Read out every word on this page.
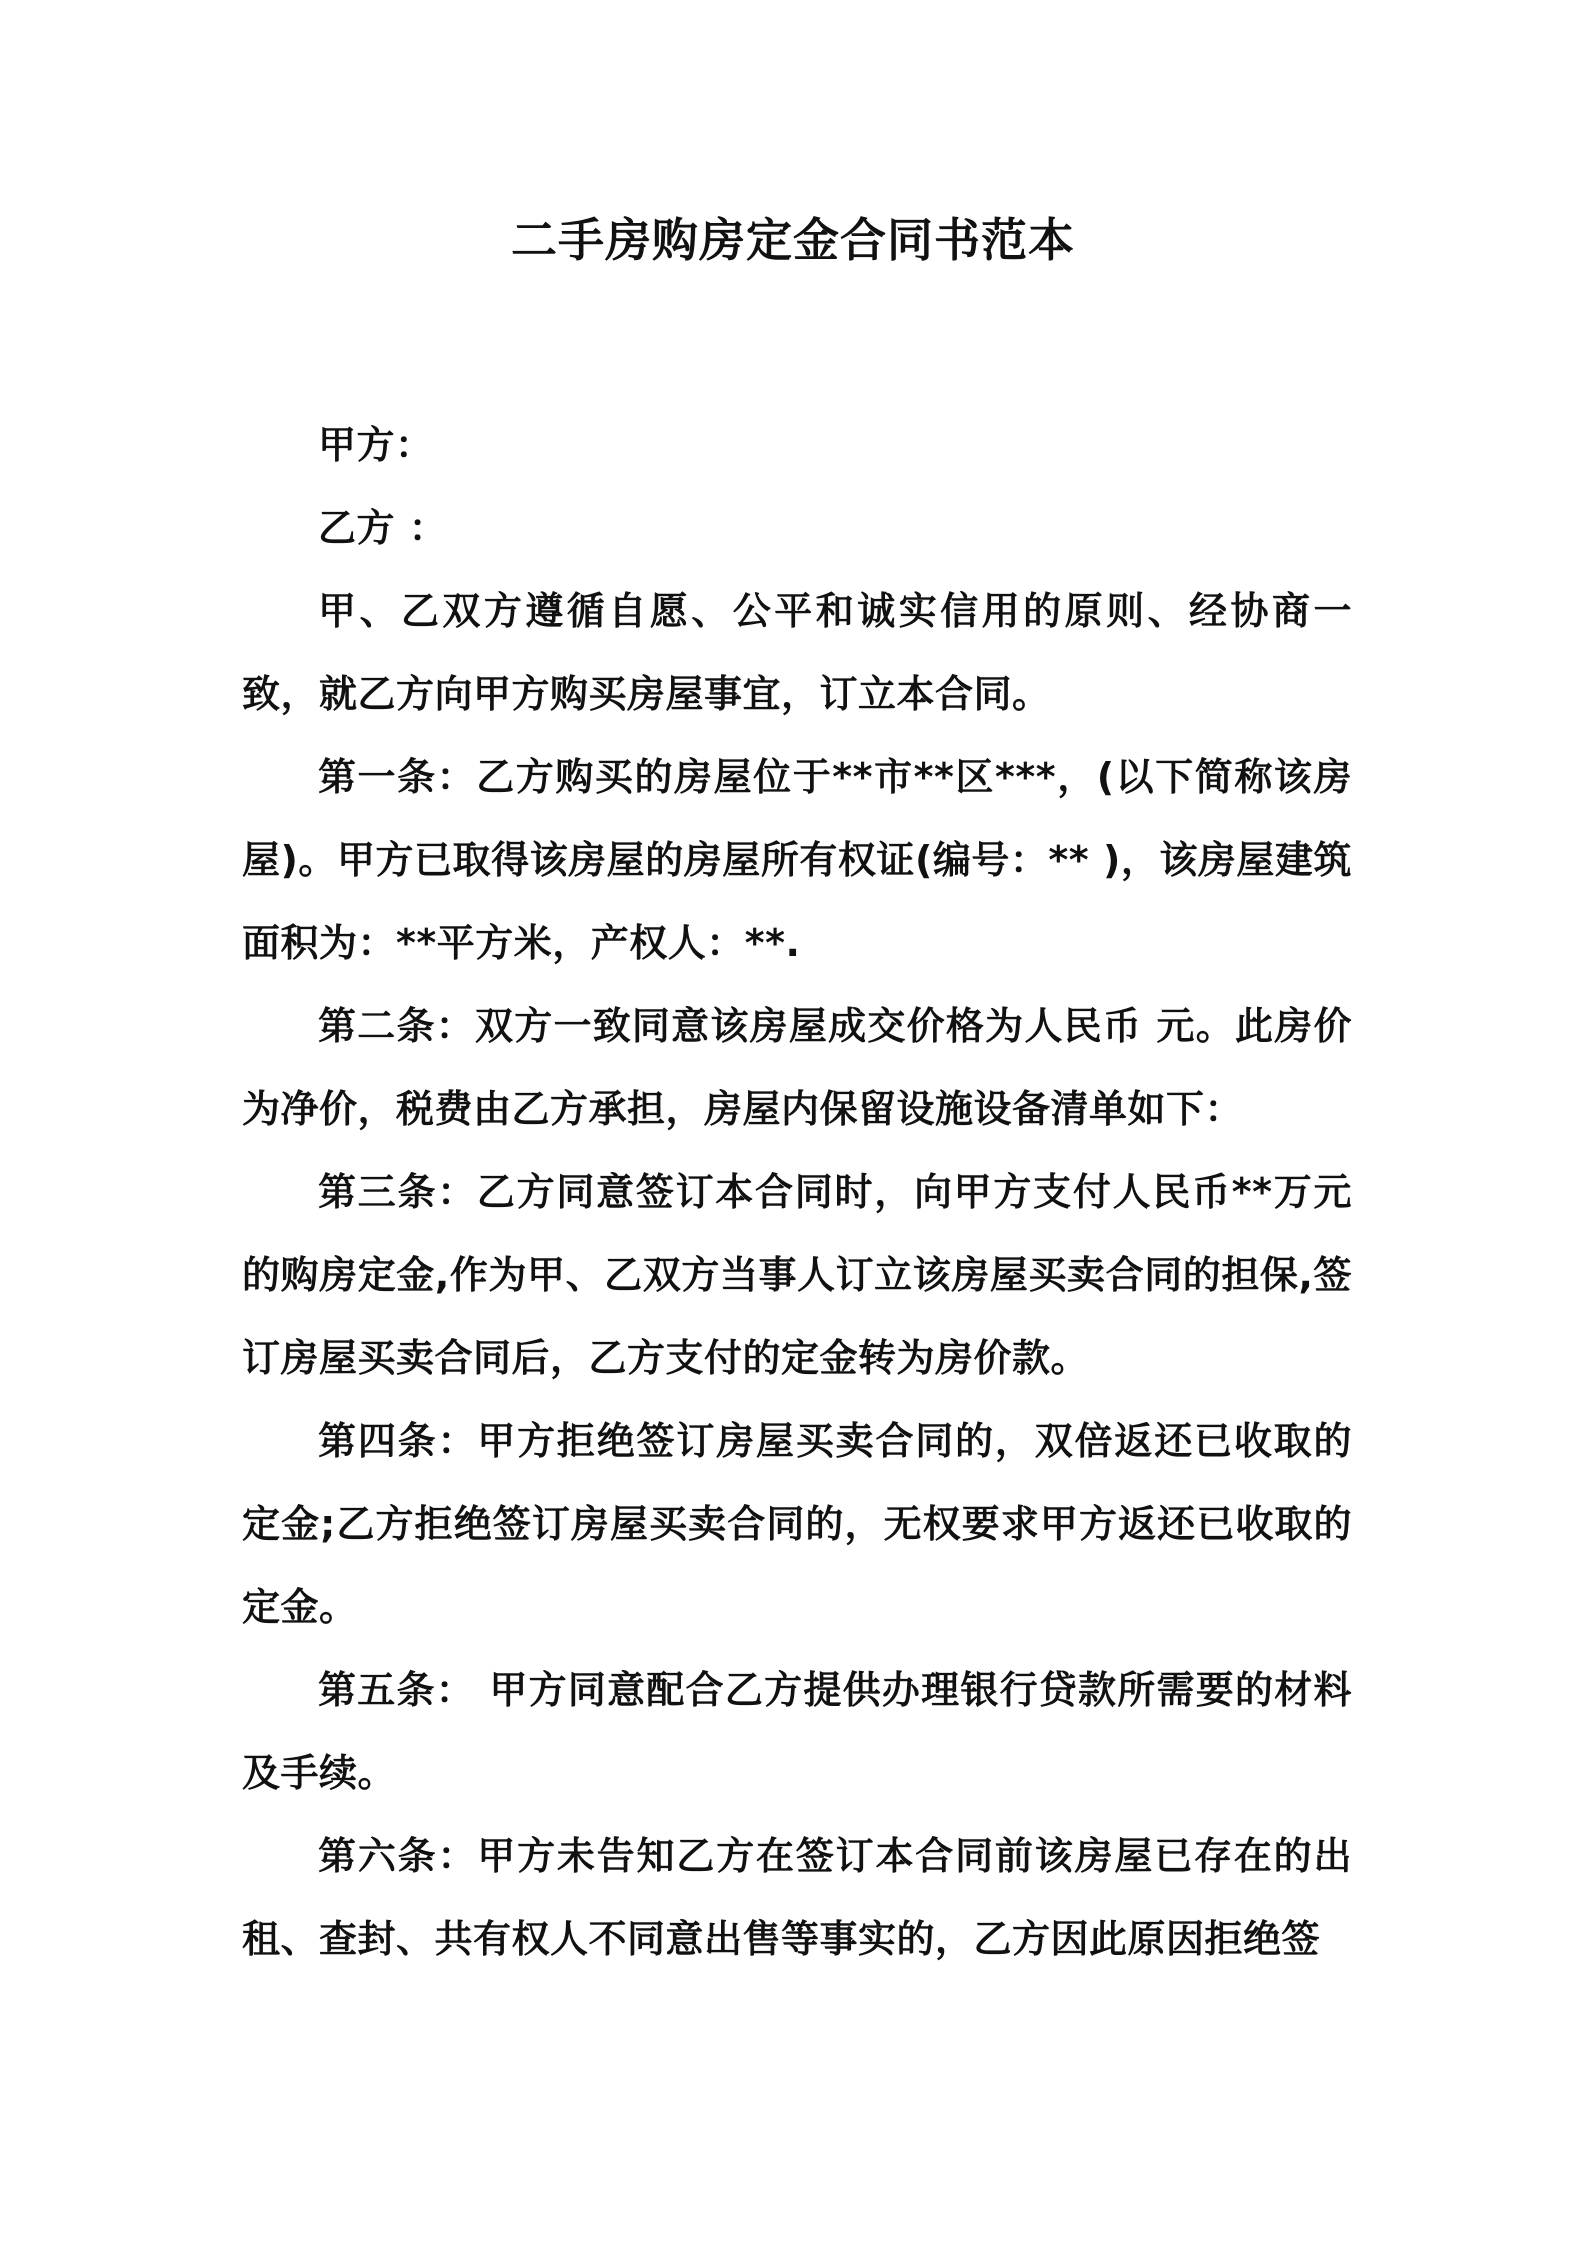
二手房购房定金合同书范本

甲方：

乙方 ：

甲、乙双方遵循自愿、公平和诚实信用的原则、经协商一致，就乙方向甲方购买房屋事宜，订立本合同。

第一条：乙方购买的房屋位于**市**区***，(以下简称该房屋)。甲方已取得该房屋的房屋所有权证(编号：** )，该房屋建筑面积为：**平方米，产权人：**.

第二条：双方一致同意该房屋成交价格为人民币 元。此房价为净价，税费由乙方承担，房屋内保留设施设备清单如下：

第三条：乙方同意签订本合同时，向甲方支付人民币**万元的购房定金,作为甲、乙双方当事人订立该房屋买卖合同的担保,签订房屋买卖合同后，乙方支付的定金转为房价款。

第四条：甲方拒绝签订房屋买卖合同的，双倍返还已收取的定金;乙方拒绝签订房屋买卖合同的，无权要求甲方返还已收取的定金。

第五条： 甲方同意配合乙方提供办理银行贷款所需要的材料及手续。

第六条：甲方未告知乙方在签订本合同前该房屋已存在的出租、查封、共有权人不同意出售等事实的，乙方因此原因拒绝签
